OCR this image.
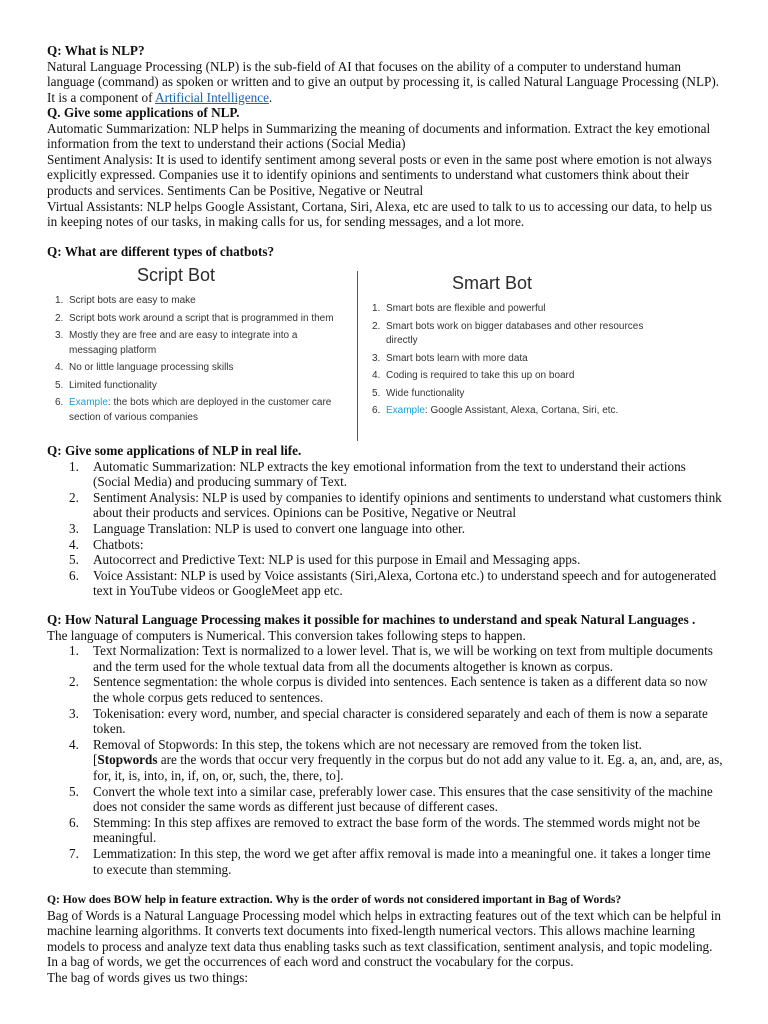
Q: What is NLP?

Natural Language Processing (NLP) is the sub-field of AI that focuses on the ability of a computer to understand human language (command) as spoken or written and to give an output by processing it, is called Natural Language Processing (NLP). It is a component of Artificial Intelligence.

Q. Give some applications of NLP.

Automatic Summarization: NLP helps in Summarizing the meaning of documents and information. Extract the key emotional information from the text to understand their actions (Social Media)

Sentiment Analysis: It is used to identify sentiment among several posts or even in the same post where emotion is not always explicitly expressed. Companies use it to identify opinions and sentiments to understand what customers think about their products and services. Sentiments Can be Positive, Negative or Neutral

Virtual Assistants: NLP helps Google Assistant, Cortana, Siri, Alexa, etc are used to talk to us to accessing our data, to help us in keeping notes of our tasks, in making calls for us, for sending messages, and a lot more.

Q: What are different types of chatbots?

Script Bot
1. Script bots are easy to make
2. Script bots work around a script that is programmed in them
3. Mostly they are free and are easy to integrate into a messaging platform
4. No or little language processing skills
5. Limited functionality
6. Example: the bots which are deployed in the customer care section of various companies
Smart Bot
1. Smart bots are flexible and powerful
2. Smart bots work on bigger databases and other resources directly
3. Smart bots learn with more data
4. Coding is required to take this up on board
5. Wide functionality
6. Example: Google Assistant, Alexa, Cortana, Siri, etc.

Q: Give some applications of NLP in real life.

1. Automatic Summarization: NLP extracts the key emotional information from the text to understand their actions (Social Media) and producing summary of Text.
2. Sentiment Analysis: NLP is used by companies to identify opinions and sentiments to understand what customers think about their products and services. Opinions can be Positive, Negative or Neutral
3. Language Translation: NLP is used to convert one language into other.
4. Chatbots:
5. Autocorrect and Predictive Text: NLP is used for this purpose in Email and Messaging apps.
6. Voice Assistant: NLP is used by Voice assistants (Siri,Alexa, Cortona etc.) to understand speech and for autogenerated text in YouTube videos or GoogleMeet app etc.

Q: How Natural Language Processing makes it possible for machines to understand and speak Natural Languages .

The language of computers is Numerical. This conversion takes following steps to happen.

1. Text Normalization: Text is normalized to a lower level. That is, we will be working on text from multiple documents and the term used for the whole textual data from all the documents altogether is known as corpus.
2. Sentence segmentation: the whole corpus is divided into sentences. Each sentence is taken as a different data so now the whole corpus gets reduced to sentences.
3. Tokenisation: every word, number, and special character is considered separately and each of them is now a separate token.
4. Removal of Stopwords: In this step, the tokens which are not necessary are removed from the token list.
[Stopwords are the words that occur very frequently in the corpus but do not add any value to it. Eg. a, an, and, are, as, for, it, is, into, in, if, on, or, such, the, there, to].
5. Convert the whole text into a similar case, preferably lower case. This ensures that the case sensitivity of the machine does not consider the same words as different just because of different cases.
6. Stemming: In this step affixes are removed to extract the base form of the words. The stemmed words might not be meaningful.
7. Lemmatization: In this step, the word we get after affix removal is made into a meaningful one. it takes a longer time to execute than stemming.

Q: How does BOW help in feature extraction. Why is the order of words not considered important in Bag of Words?

Bag of Words is a Natural Language Processing model which helps in extracting features out of the text which can be helpful in machine learning algorithms. It converts text documents into fixed-length numerical vectors. This allows machine learning models to process and analyze text data thus enabling tasks such as text classification, sentiment analysis, and topic modeling.

In a bag of words, we get the occurrences of each word and construct the vocabulary for the corpus.

The bag of words gives us two things:
